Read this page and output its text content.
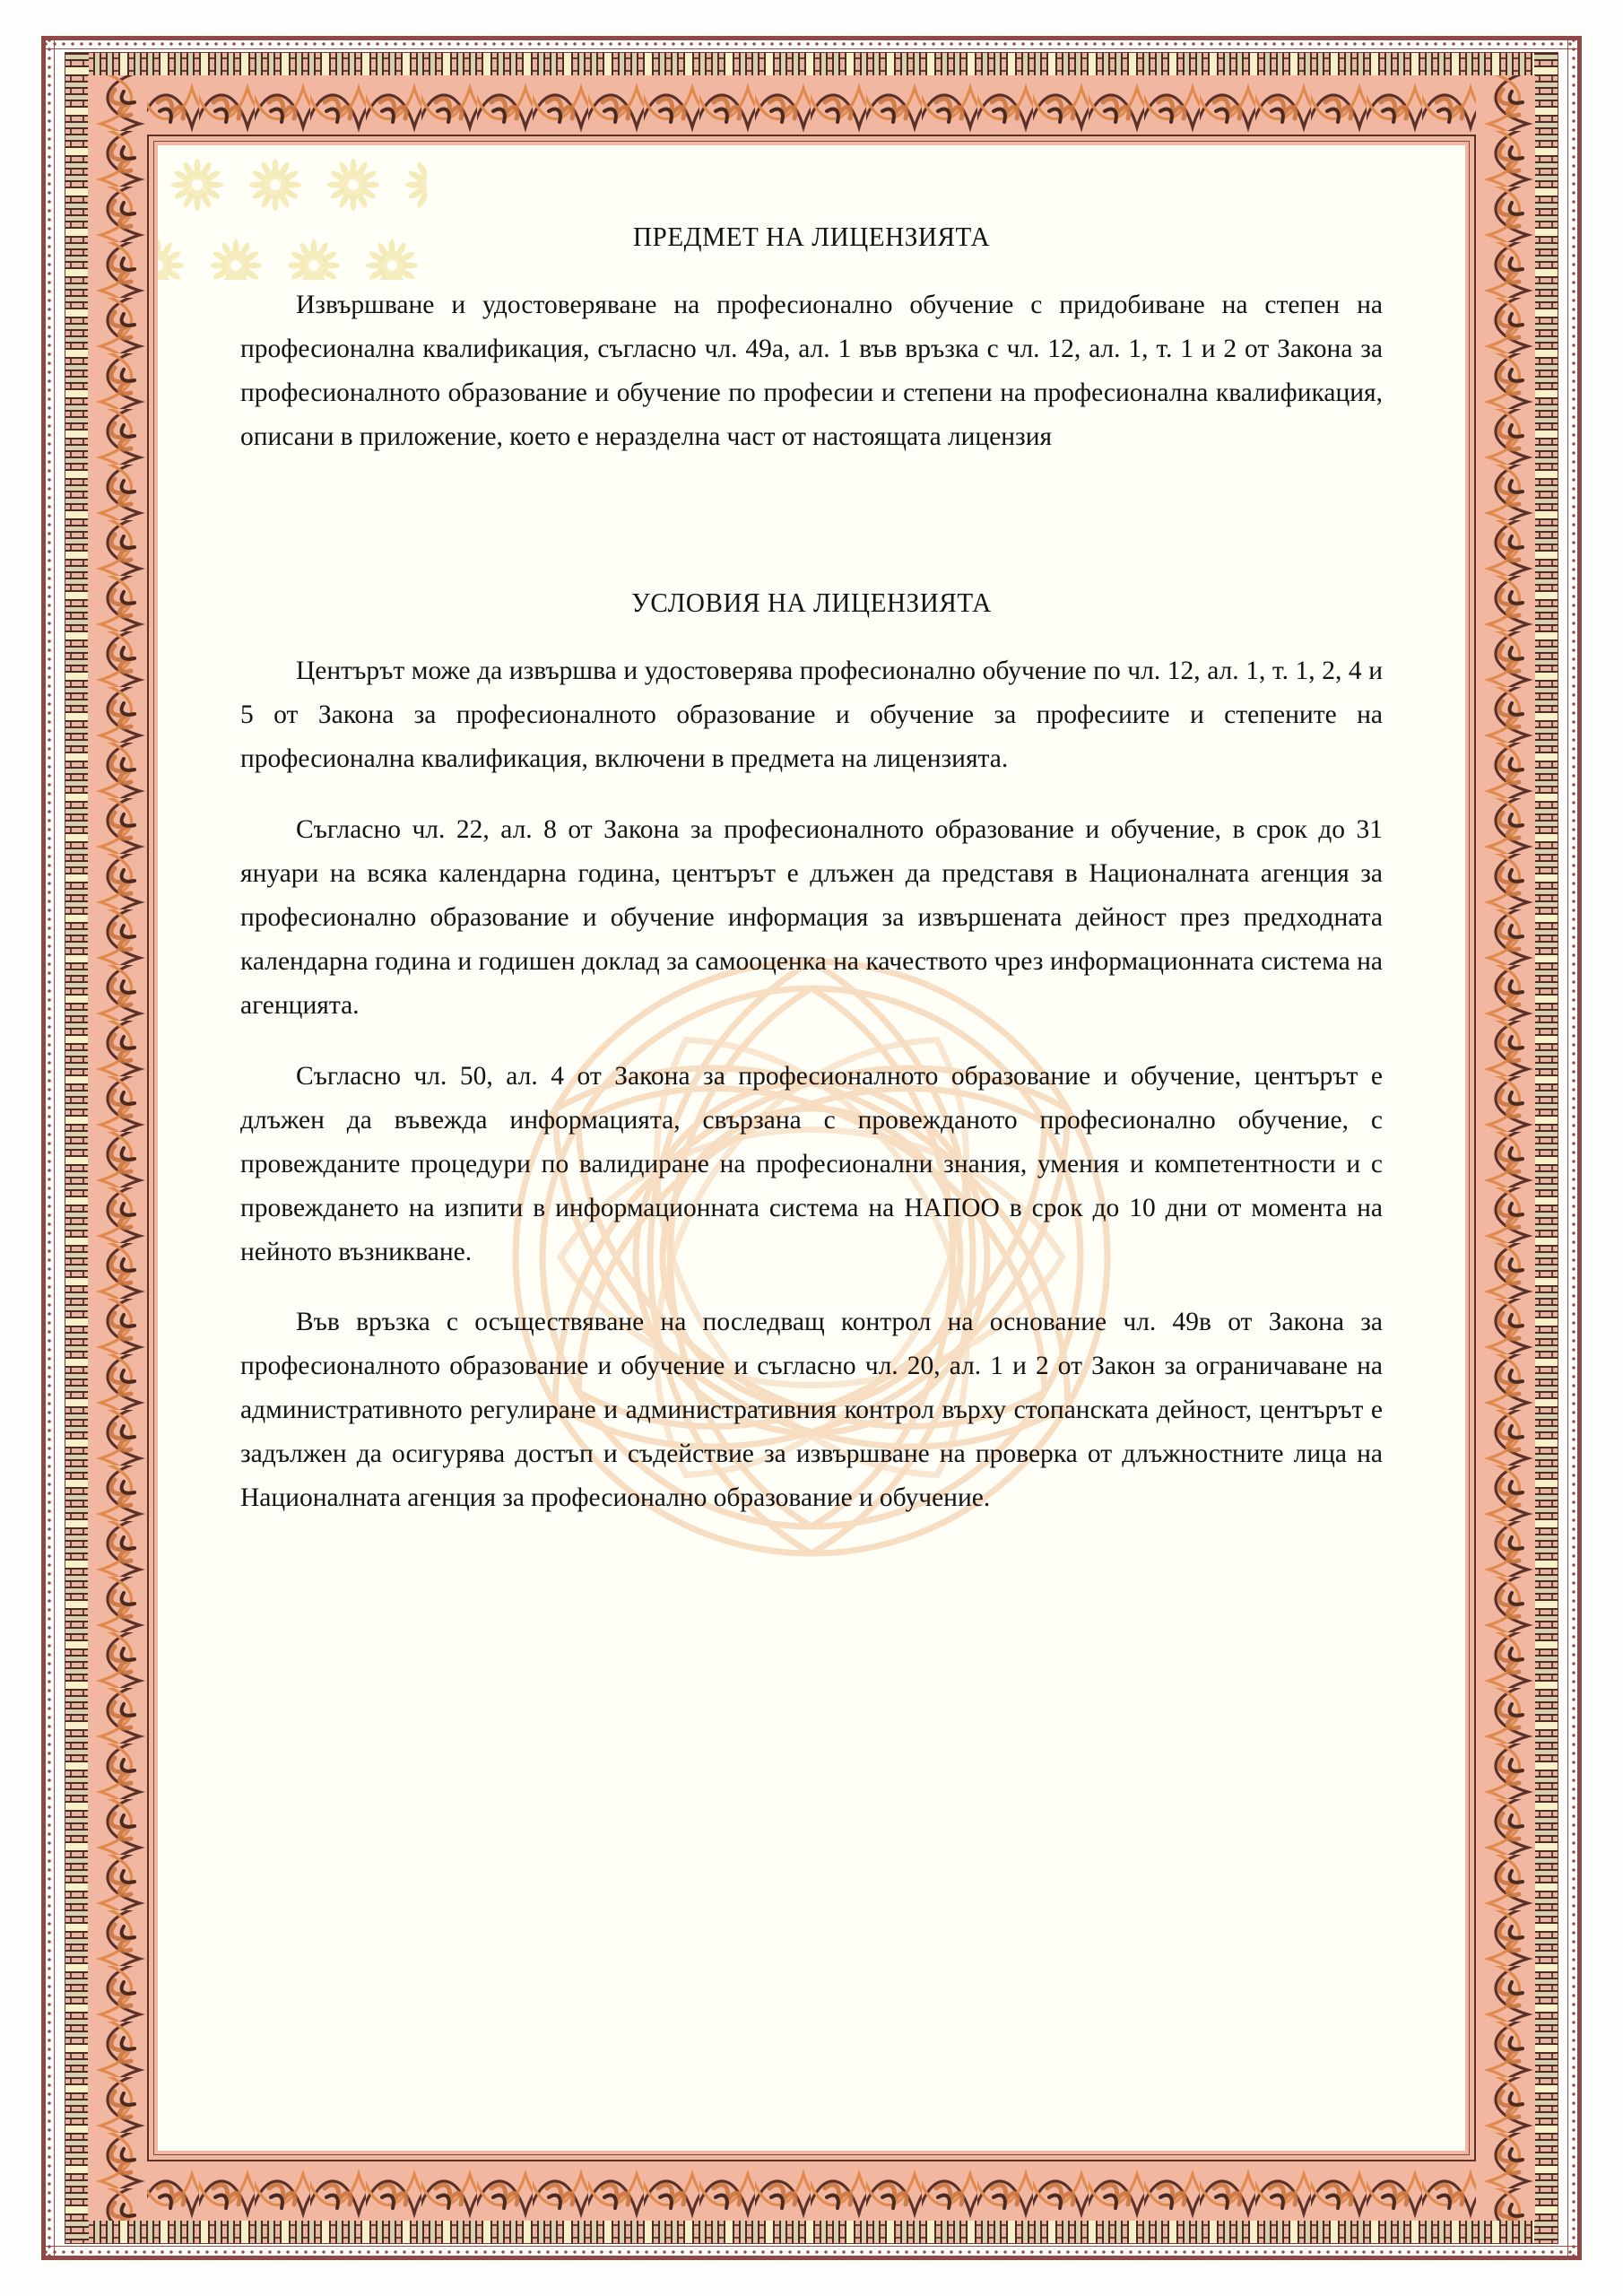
ПРЕДМЕТ НА ЛИЦЕНЗИЯТА

Извършване и удостоверяване на професионално обучение с придобиване на степен на професионална квалификация, съгласно чл. 49а, ал. 1 във връзка с чл. 12, ал. 1, т. 1 и 2 от Закона за професионалното образование и обучение по професии и степени на професионална квалификация, описани в приложение, което е неразделна част от настоящата лицензия

УСЛОВИЯ НА ЛИЦЕНЗИЯТА

Центърът може да извършва и удостоверява професионално обучение по чл. 12, ал. 1, т. 1, 2, 4 и 5 от Закона за професионалното образование и обучение за професиите и степените на професионална квалификация, включени в предмета на лицензията.

Съгласно чл. 22, ал. 8 от Закона за професионалното образование и обучение, в срок до 31 януари на всяка календарна година, центърът е длъжен да представя в Националната агенция за професионално образование и обучение информация за извършената дейност през предходната календарна година и годишен доклад за самооценка на качеството чрез информационната система на агенцията.

Съгласно чл. 50, ал. 4 от Закона за професионалното образование и обучение, центърът е длъжен да въвежда информацията, свързана с провежданото професионално обучение, с провежданите процедури по валидиране на професионални знания, умения и компетентности и с провеждането на изпити в информационната система на НАПОО в срок до 10 дни от момента на нейното възникване.

Във връзка с осъществяване на последващ контрол на основание чл. 49в от Закона за професионалното образование и обучение и съгласно чл. 20, ал. 1 и 2 от Закон за ограничаване на административното регулиране и административния контрол върху стопанската дейност, центърът е задължен да осигурява достъп и съдействие за извършване на проверка от длъжностните лица на Националната агенция за професионално образование и обучение.
